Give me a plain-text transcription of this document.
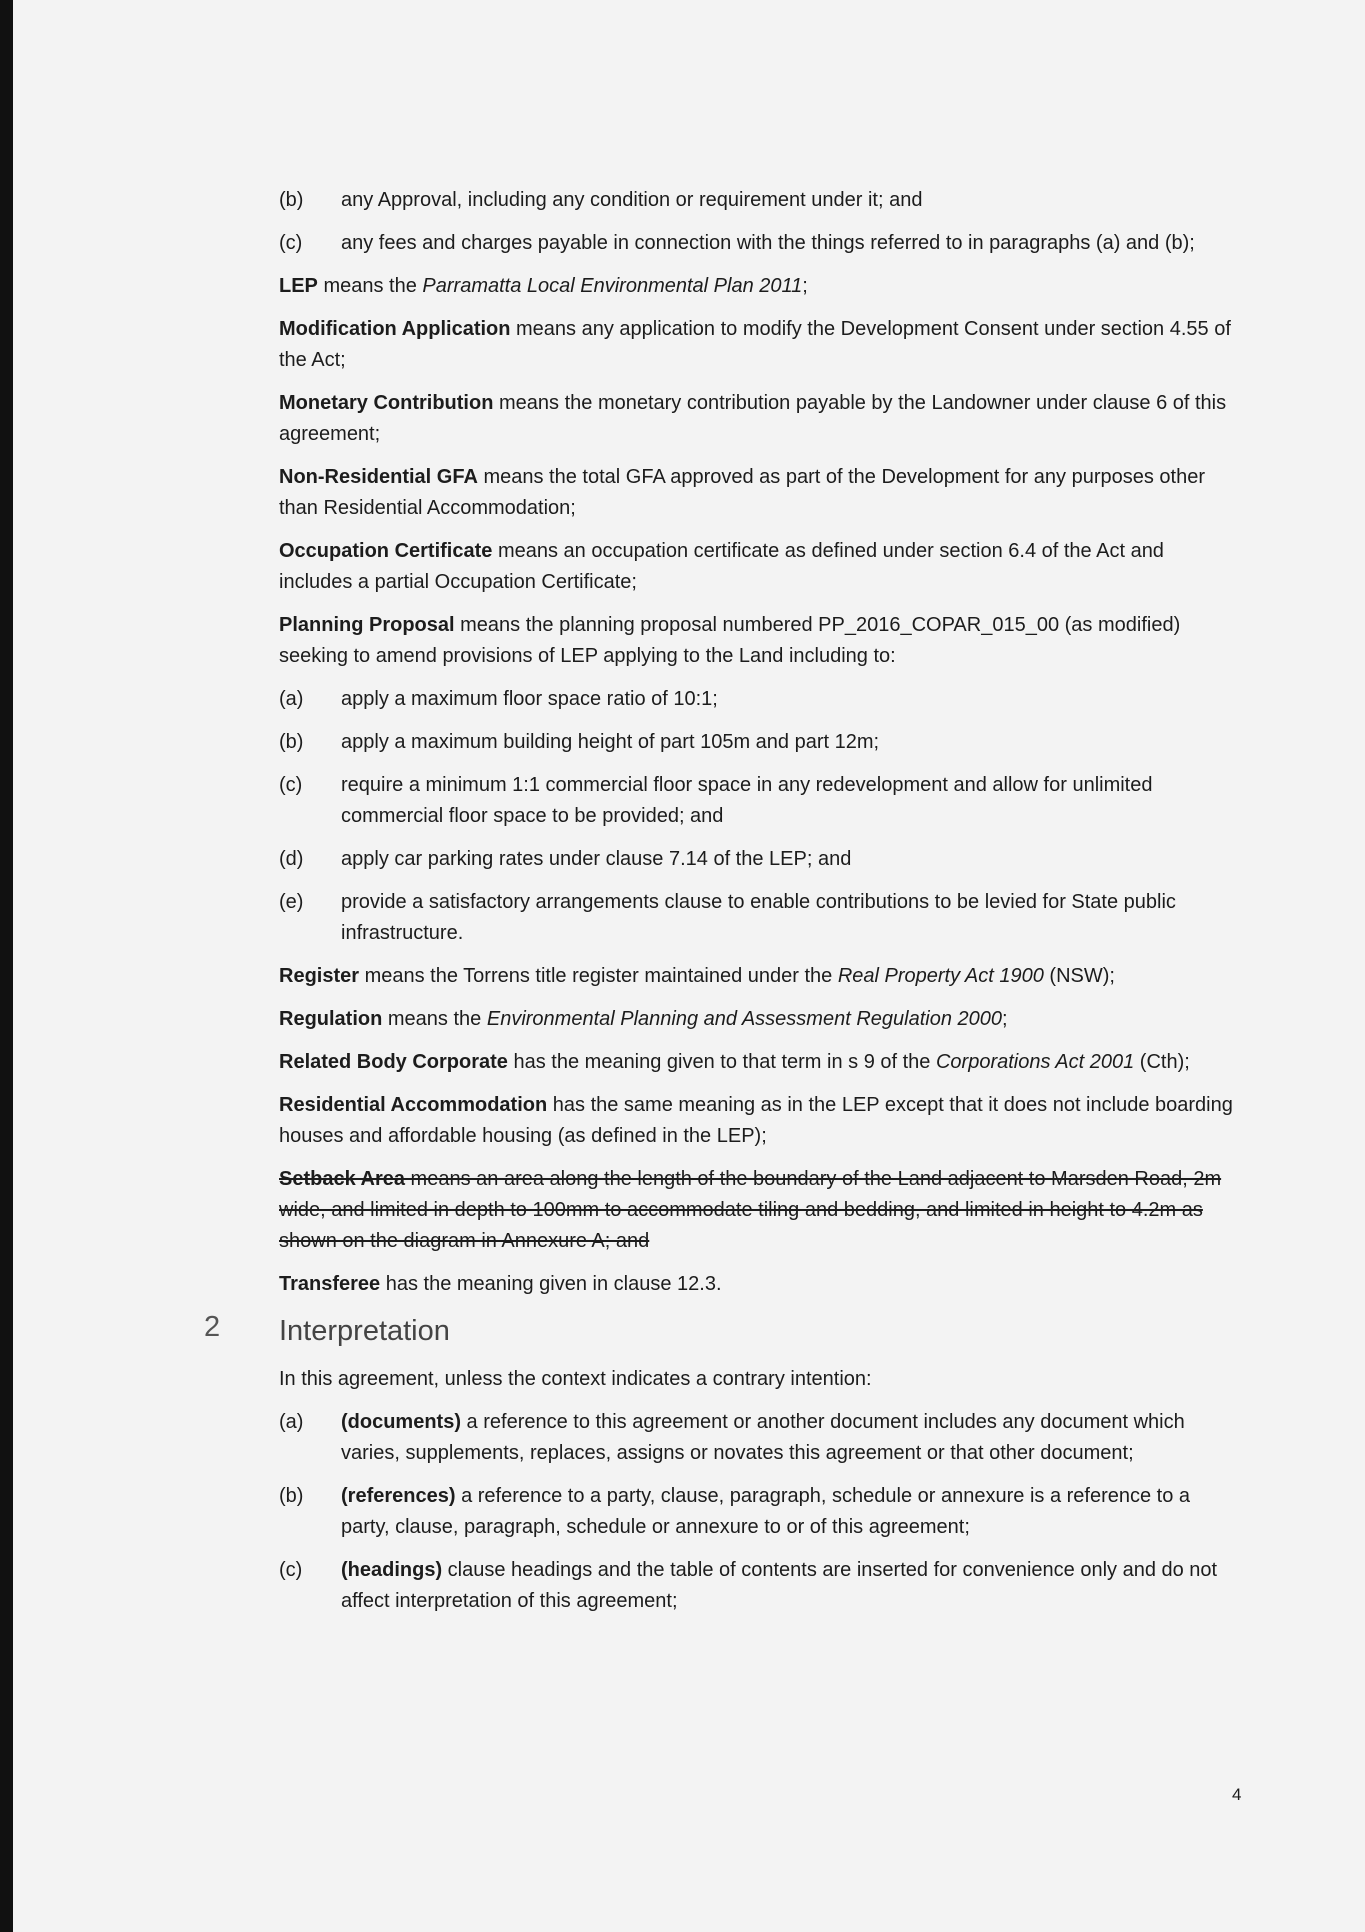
(b) any Approval, including any condition or requirement under it; and
(c) any fees and charges payable in connection with the things referred to in paragraphs (a) and (b);
LEP means the Parramatta Local Environmental Plan 2011;
Modification Application means any application to modify the Development Consent under section 4.55 of the Act;
Monetary Contribution means the monetary contribution payable by the Landowner under clause 6 of this agreement;
Non-Residential GFA means the total GFA approved as part of the Development for any purposes other than Residential Accommodation;
Occupation Certificate means an occupation certificate as defined under section 6.4 of the Act and includes a partial Occupation Certificate;
Planning Proposal means the planning proposal numbered PP_2016_COPAR_015_00 (as modified) seeking to amend provisions of LEP applying to the Land including to:
(a) apply a maximum floor space ratio of 10:1;
(b) apply a maximum building height of part 105m and part 12m;
(c) require a minimum 1:1 commercial floor space in any redevelopment and allow for unlimited commercial floor space to be provided; and
(d) apply car parking rates under clause 7.14 of the LEP; and
(e) provide a satisfactory arrangements clause to enable contributions to be levied for State public infrastructure.
Register means the Torrens title register maintained under the Real Property Act 1900 (NSW);
Regulation means the Environmental Planning and Assessment Regulation 2000;
Related Body Corporate has the meaning given to that term in s 9 of the Corporations Act 2001 (Cth);
Residential Accommodation has the same meaning as in the LEP except that it does not include boarding houses and affordable housing (as defined in the LEP);
Setback Area means an area along the length of the boundary of the Land adjacent to Marsden Road, 2m wide, and limited in depth to 100mm to accommodate tiling and bedding, and limited in height to 4.2m as shown on the diagram in Annexure A; and
Transferee has the meaning given in clause 12.3.
2 Interpretation
In this agreement, unless the context indicates a contrary intention:
(a) (documents) a reference to this agreement or another document includes any document which varies, supplements, replaces, assigns or novates this agreement or that other document;
(b) (references) a reference to a party, clause, paragraph, schedule or annexure is a reference to a party, clause, paragraph, schedule or annexure to or of this agreement;
(c) (headings) clause headings and the table of contents are inserted for convenience only and do not affect interpretation of this agreement;
4
